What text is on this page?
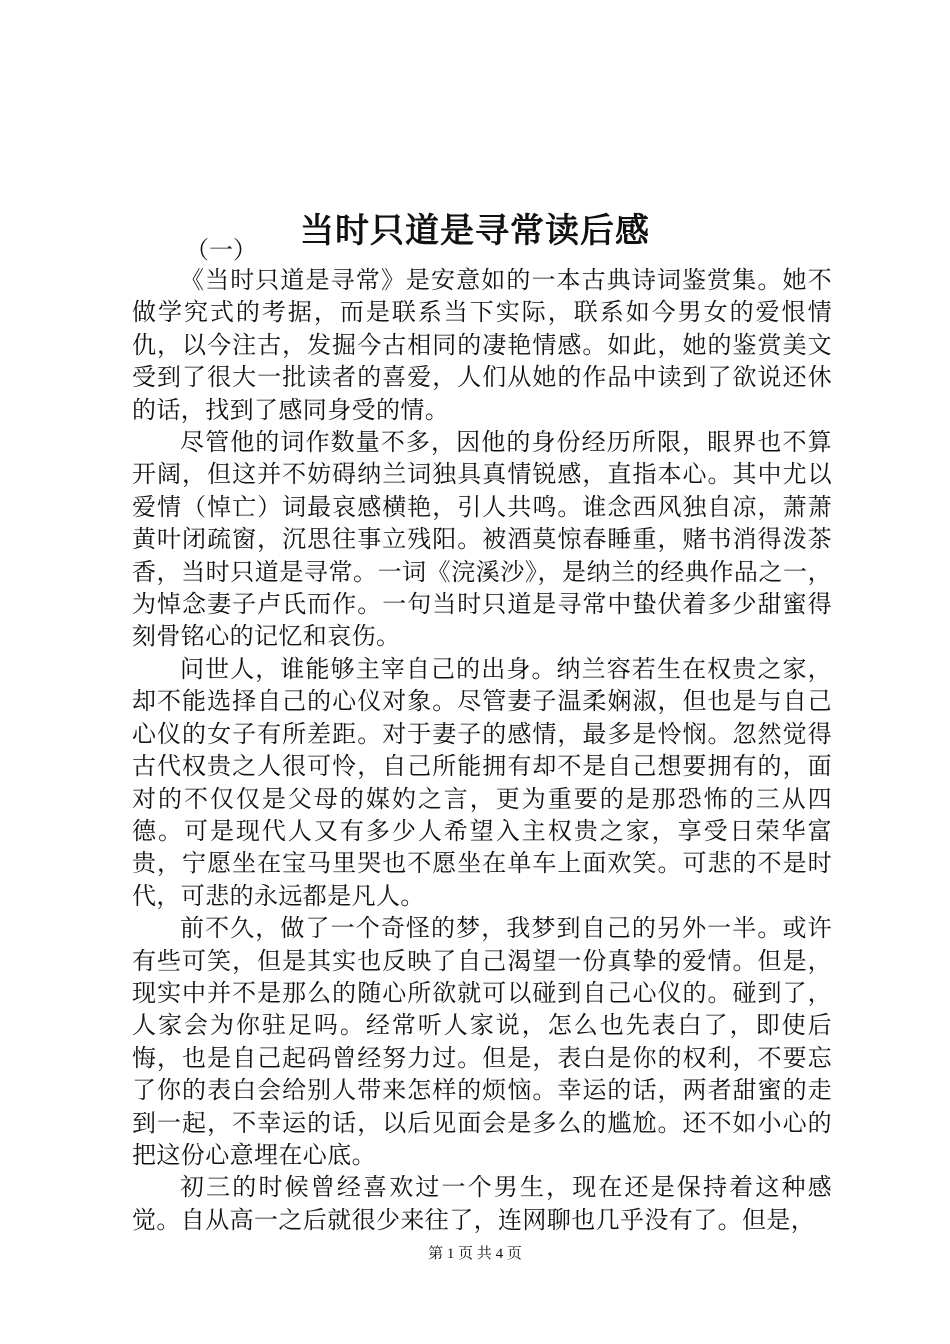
当时只道是寻常读后感
（一）

《当时只道是寻常》是安意如的一本古典诗词鉴赏集。她不做学究式的考据，而是联系当下实际，联系如今男女的爱恨情仇，以今注古，发掘今古相同的凄艳情感。如此，她的鉴赏美文受到了很大一批读者的喜爱，人们从她的作品中读到了欲说还休的话，找到了感同身受的情。

尽管他的词作数量不多，因他的身份经历所限，眼界也不算开阔，但这并不妨碍纳兰词独具真情锐感，直指本心。其中尤以爱情（悼亡）词最哀感横艳，引人共鸣。谁念西风独自凉，萧萧黄叶闭疏窗，沉思往事立残阳。被酒莫惊春睡重，赌书消得泼茶香，当时只道是寻常。一词《浣溪沙》，是纳兰的经典作品之一，为悼念妻子卢氏而作。一句当时只道是寻常中蛰伏着多少甜蜜得刻骨铭心的记忆和哀伤。

问世人，谁能够主宰自己的出身。纳兰容若生在权贵之家，却不能选择自己的心仪对象。尽管妻子温柔娴淑，但也是与自己心仪的女子有所差距。对于妻子的感情，最多是怜悯。忽然觉得古代权贵之人很可怜，自己所能拥有却不是自己想要拥有的，面对的不仅仅是父母的媒妁之言，更为重要的是那恐怖的三从四德。可是现代人又有多少人希望入主权贵之家，享受日荣华富贵，宁愿坐在宝马里哭也不愿坐在单车上面欢笑。可悲的不是时代，可悲的永远都是凡人。

前不久，做了一个奇怪的梦，我梦到自己的另外一半。或许有些可笑，但是其实也反映了自己渴望一份真挚的爱情。但是，现实中并不是那么的随心所欲就可以碰到自己心仪的。碰到了，人家会为你驻足吗。经常听人家说，怎么也先表白了，即使后悔，也是自己起码曾经努力过。但是，表白是你的权利，不要忘了你的表白会给别人带来怎样的烦恼。幸运的话，两者甜蜜的走到一起，不幸运的话，以后见面会是多么的尴尬。还不如小心的把这份心意埋在心底。

初三的时候曾经喜欢过一个男生，现在还是保持着这种感觉。自从高一之后就很少来往了，连网聊也几乎没有了。但是，

第 1 页 共 4 页
